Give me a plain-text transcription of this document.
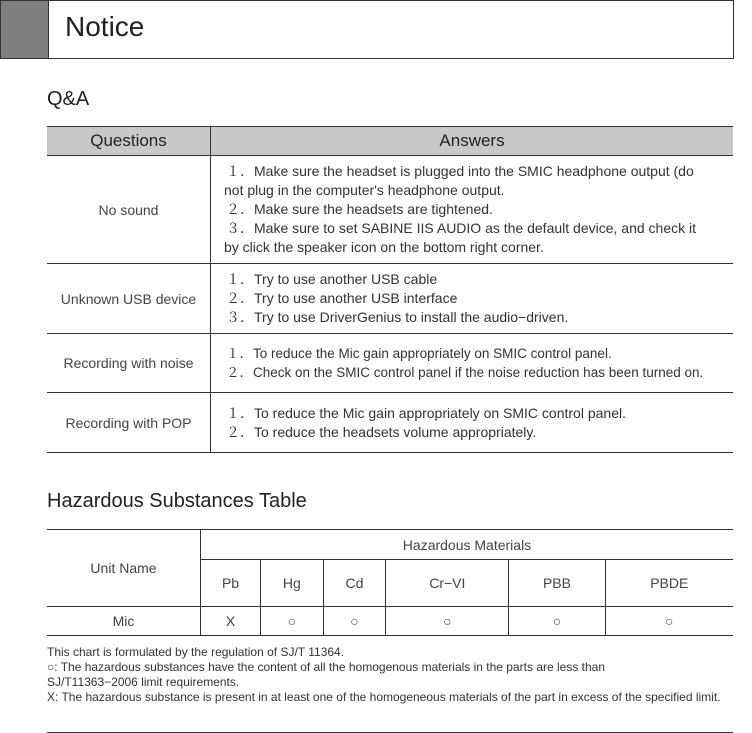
Notice
Q&A
Questions	Answers
No sound	１．Make sure the headset is plugged into the SMIC headphone output (do
not plug in the computer's headphone output.
２．Make sure the headsets are tightened.
３．Make sure to set SABINE IIS AUDIO as the default device, and check it
by click the speaker icon on the bottom right corner.

Unknown USB device	１．Try to use another USB cable
２．Try to use another USB interface
３．Try to use DriverGenius to install the audio−driven.

Recording with noise	１．To reduce the Mic gain appropriately on SMIC control panel.
２．Check on the SMIC control panel if the noise reduction has been turned on.

Recording with POP	１．To reduce the Mic gain appropriately on SMIC control panel.
２．To reduce the headsets volume appropriately.
Hazardous Substances Table
Unit Name	Hazardous Materials					
	Pb	Hg	Cd	Cr−VI	PBB	PBDE
Mic	X	○	○	○	○	○
This chart is formulated by the regulation of SJ/T 11364.
○: The hazardous substances have the content of all the homogenous materials in the parts are less than SJ/T11363−2006 limit requirements.
X: The hazardous substance is present in at least one of the homogeneous materials of the part in excess of the specified limit.
